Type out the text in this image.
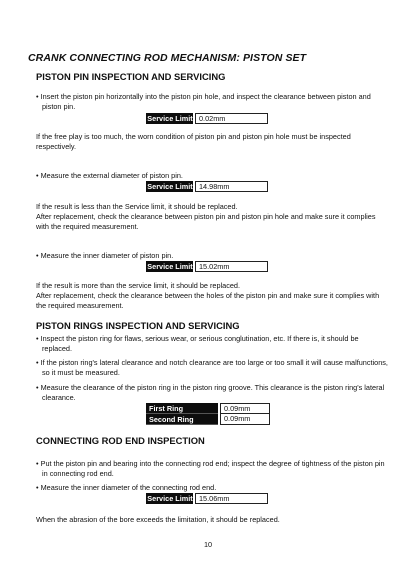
CRANK CONNECTING ROD MECHANISM: PISTON SET
PISTON PIN INSPECTION AND SERVICING
• Insert the piston pin horizontally into the piston pin hole, and inspect the clearance between piston and piston pin.
Service Limit 0.02mm
If the free play is too much, the worn condition of piston pin and piston pin hole must be inspected respectively.
• Measure the external diameter of piston pin.
Service Limit 14.98mm
If the result is less than the Service limit, it should be replaced.
After replacement, check the clearance between piston pin and piston pin hole and make sure it complies with the required measurement.
• Measure the inner diameter of piston pin.
Service Limit 15.02mm
If the result is more than the service limit, it should be replaced.
After replacement, check the clearance between the holes of the piston pin and make sure it complies with the required measurement.
PISTON RINGS INSPECTION AND SERVICING
• Inspect the piston ring for flaws, serious wear, or serious conglutination, etc. If there is, it should be replaced.
• If the piston ring's lateral clearance and notch clearance are too large or too small it will cause malfunctions, so it must be measured.
• Measure the clearance of the piston ring in the piston ring groove. This clearance is the piston ring's lateral clearance.
First Ring	0.09mm
Second Ring	0.09mm
CONNECTING ROD END INSPECTION
• Put the piston pin and bearing into the connecting rod end; inspect the degree of tightness of the piston pin in connecting rod end.
• Measure the inner diameter of the connecting rod end.
Service Limit 15.06mm
When the abrasion of the bore exceeds the limitation, it should be replaced.
10
